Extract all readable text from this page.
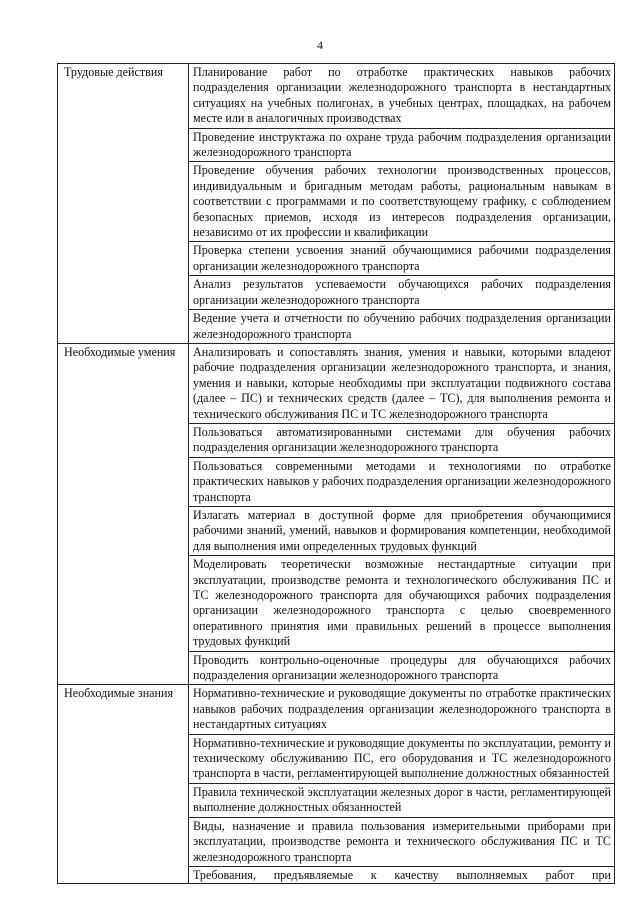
4
Трудовые действия	Планирование работ по отработке практических навыков рабочих подразделения организации железнодорожного транспорта в нестандартных ситуациях на учебных полигонах, в учебных центрах, площадках, на рабочем месте или в аналогичных производствах

	Проведение инструктажа по охране труда рабочим подразделения организации железнодорожного транспорта

	Проведение обучения рабочих технологии производственных процессов, индивидуальным и бригадным методам работы, рациональным навыкам в соответствии с программами и по соответствующему графику, с соблюдением безопасных приемов, исходя из интересов подразделения организации, независимо от их профессии и квалификации

	Проверка степени усвоения знаний обучающимися рабочими подразделения организации железнодорожного транспорта

	Анализ результатов успеваемости обучающихся рабочих подразделения организации железнодорожного транспорта

	Ведение учета и отчетности по обучению рабочих подразделения организации железнодорожного транспорта

Необходимые умения	Анализировать и сопоставлять знания, умения и навыки, которыми владеют рабочие подразделения организации железнодорожного транспорта, и знания, умения и навыки, которые необходимы при эксплуатации подвижного состава (далее – ПС) и технических средств (далее – ТС), для выполнения ремонта и технического обслуживания ПС и ТС железнодорожного транспорта

	Пользоваться автоматизированными системами для обучения рабочих подразделения организации железнодорожного транспорта

	Пользоваться современными методами и технологиями по отработке практических навыков у рабочих подразделения организации железнодорожного транспорта

	Излагать материал в доступной форме для приобретения обучающимися рабочими знаний, умений, навыков и формирования компетенции, необходимой для выполнения ими определенных трудовых функций

	Моделировать теоретически возможные нестандартные ситуации при эксплуатации, производстве ремонта и технологического обслуживания ПС и ТС железнодорожного транспорта для обучающихся рабочих подразделения организации железнодорожного транспорта с целью своевременного оперативного принятия ими правильных решений в процессе выполнения трудовых функций

	Проводить контрольно-оценочные процедуры для обучающихся рабочих подразделения организации железнодорожного транспорта

Необходимые знания	Нормативно-технические и руководящие документы по отработке практических навыков рабочих подразделения организации железнодорожного транспорта в нестандартных ситуациях

	Нормативно-технические и руководящие документы по эксплуатации, ремонту и техническому обслуживанию ПС, его оборудования и ТС железнодорожного транспорта в части, регламентирующей выполнение должностных обязанностей

	Правила технической эксплуатации железных дорог в части, регламентирующей выполнение должностных обязанностей

	Виды, назначение и правила пользования измерительными приборами при эксплуатации, производстве ремонта и технического обслуживания ПС и ТС железнодорожного транспорта

	Требования, предъявляемые к качеству выполняемых работ при
